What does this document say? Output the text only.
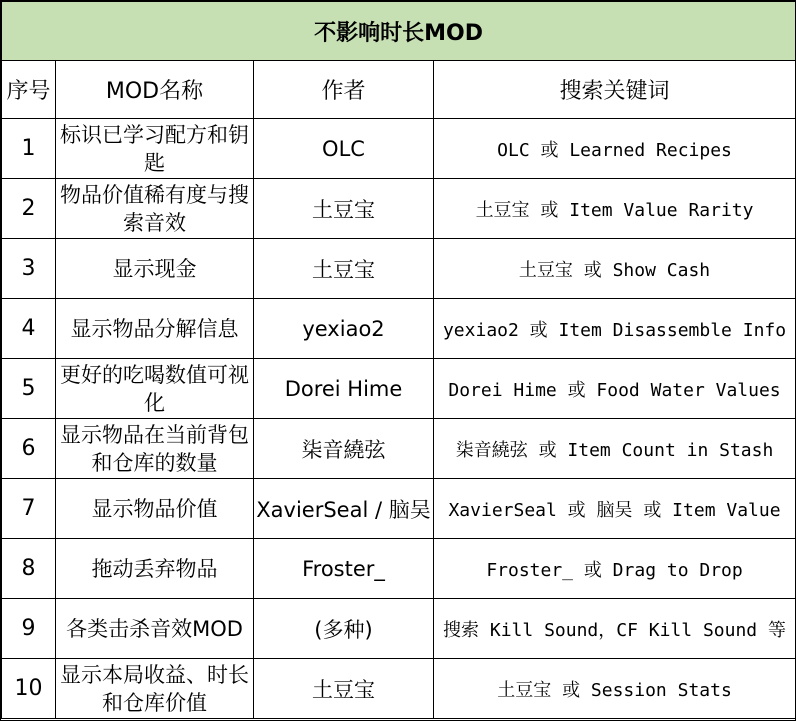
不影响时长MOD			
序号	MOD名称	作者	搜索关键词
1	标识已学习配方和钥匙	OLC	OLC 或 Learned Recipes
2	物品价值稀有度与搜索音效	土豆宝	土豆宝 或 Item Value Rarity
3	显示现金	土豆宝	土豆宝 或 Show Cash
4	显示物品分解信息	yexiao2	yexiao2 或 Item Disassemble Info
5	更好的吃喝数值可视化	Dorei Hime	Dorei Hime 或 Food Water Values
6	显示物品在当前背包和仓库的数量	柒音繞弦	柒音繞弦 或 Item Count in Stash
7	显示物品价值	XavierSeal / 脑吴	XavierSeal 或 脑吴 或 Item Value
8	拖动丢弃物品	Froster_	Froster_ 或 Drag to Drop
9	各类击杀音效MOD	(多种)	搜索 Kill Sound，CF Kill Sound 等
10	显示本局收益、时长和仓库价值	土豆宝	土豆宝 或 Session Stats
